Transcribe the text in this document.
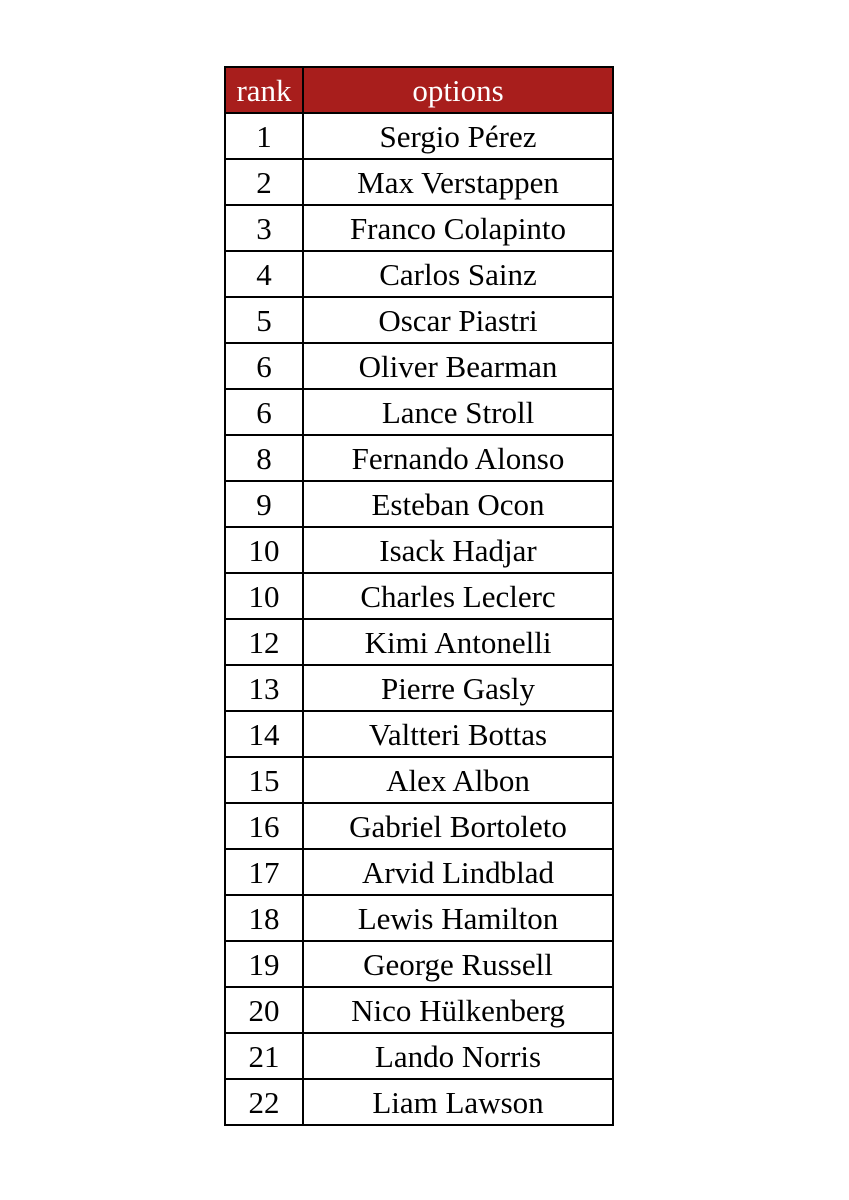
rank	options
1	Sergio Pérez
2	Max Verstappen
3	Franco Colapinto
4	Carlos Sainz
5	Oscar Piastri
6	Oliver Bearman
6	Lance Stroll
8	Fernando Alonso
9	Esteban Ocon
10	Isack Hadjar
10	Charles Leclerc
12	Kimi Antonelli
13	Pierre Gasly
14	Valtteri Bottas
15	Alex Albon
16	Gabriel Bortoleto
17	Arvid Lindblad
18	Lewis Hamilton
19	George Russell
20	Nico Hülkenberg
21	Lando Norris
22	Liam Lawson
